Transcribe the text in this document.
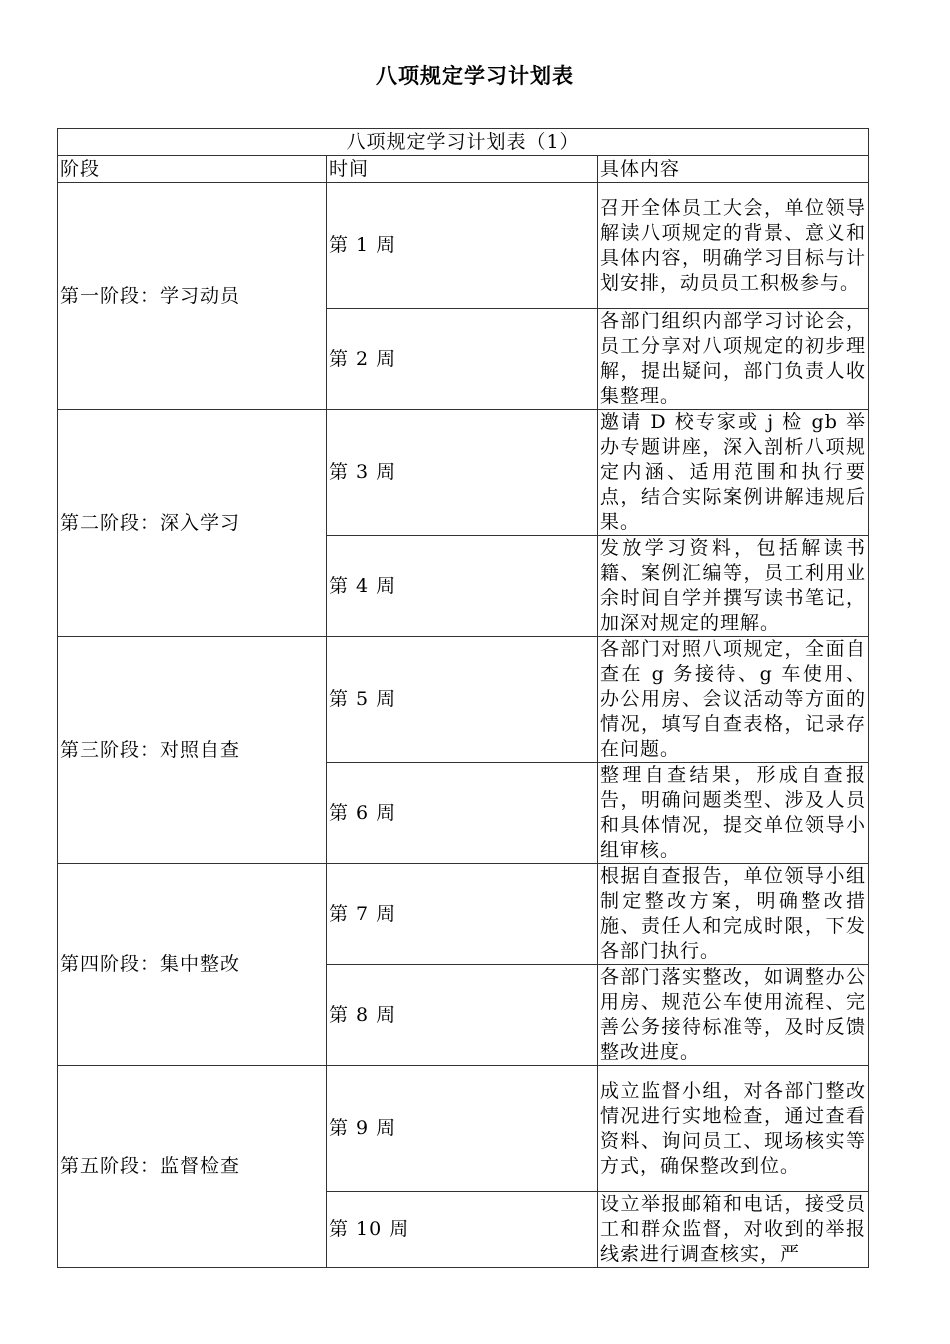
八项规定学习计划表
八项规定学习计划表（1）		
阶段	时间	具体内容
第一阶段：学习动员	第 1 周	召开全体员工大会，单位领导解读八项规定的背景、意义和具体内容，明确学习目标与计划安排，动员员工积极参与。
	第 2 周	各部门组织内部学习讨论会，员工分享对八项规定的初步理解，提出疑问，部门负责人收集整理。
第二阶段：深入学习	第 3 周	邀请 D 校专家或 j 检 gb 举办专题讲座，深入剖析八项规定内涵、适用范围和执行要点，结合实际案例讲解违规后果。
	第 4 周	发放学习资料，包括解读书籍、案例汇编等，员工利用业余时间自学并撰写读书笔记，加深对规定的理解。
第三阶段：对照自查	第 5 周	各部门对照八项规定，全面自查在 g 务接待、g 车使用、办公用房、会议活动等方面的情况，填写自查表格，记录存在问题。
	第 6 周	整理自查结果，形成自查报告，明确问题类型、涉及人员和具体情况，提交单位领导小组审核。
第四阶段：集中整改	第 7 周	根据自查报告，单位领导小组制定整改方案，明确整改措施、责任人和完成时限，下发各部门执行。
	第 8 周	各部门落实整改，如调整办公用房、规范公车使用流程、完善公务接待标准等，及时反馈整改进度。
第五阶段：监督检查	第 9 周	成立监督小组，对各部门整改情况进行实地检查，通过查看资料、询问员工、现场核实等方式，确保整改到位。
	第 10 周	设立举报邮箱和电话，接受员工和群众监督，对收到的举报线索进行调查核实，严
